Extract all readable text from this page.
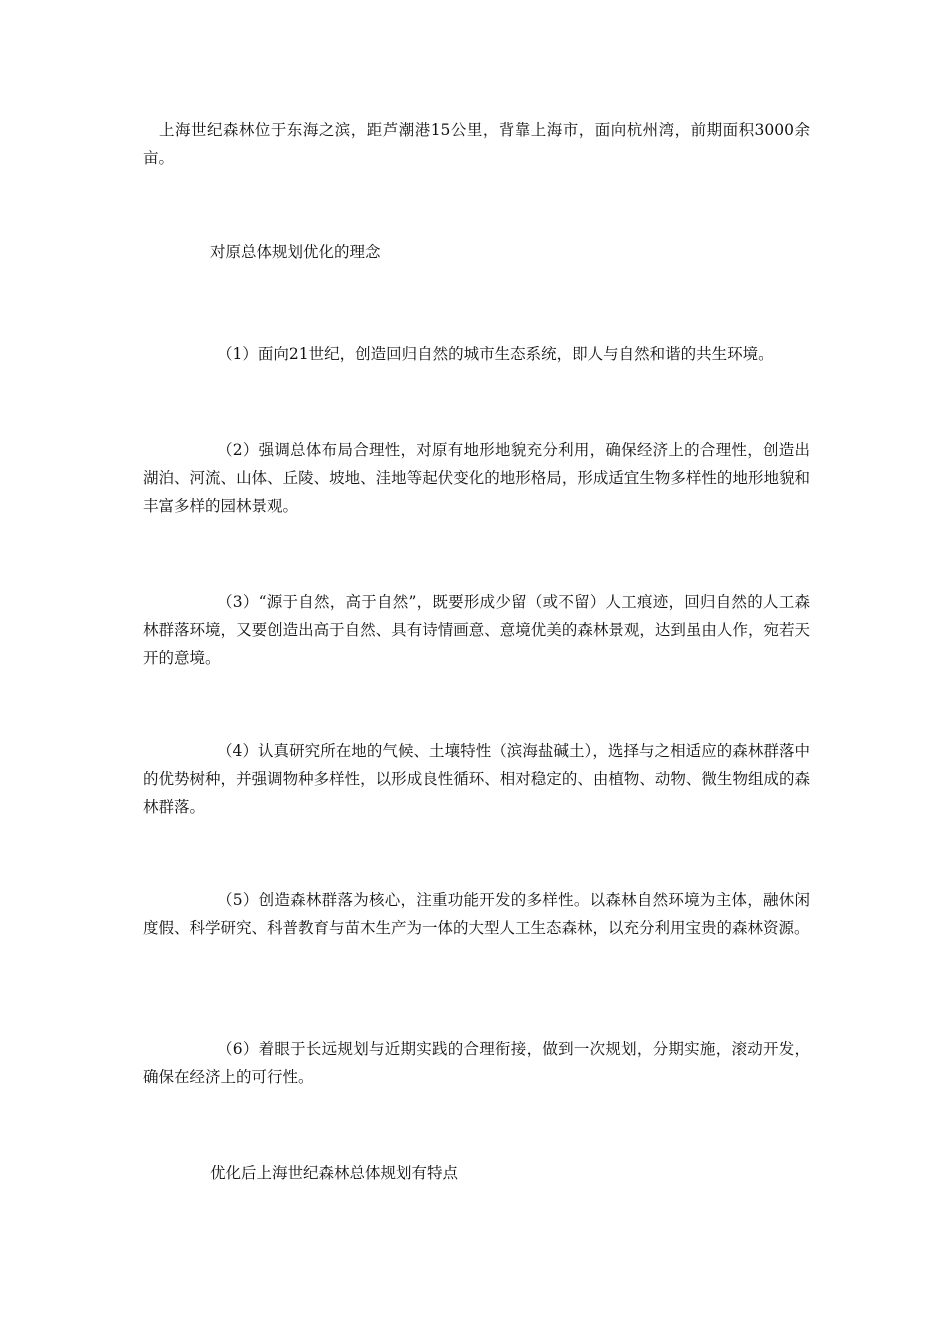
上海世纪森林位于东海之滨，距芦潮港15公里，背靠上海市，面向杭州湾，前期面积3000余亩。

对原总体规划优化的理念

（1）面向21世纪，创造回归自然的城市生态系统，即人与自然和谐的共生环境。

（2）强调总体布局合理性，对原有地形地貌充分利用，确保经济上的合理性，创造出湖泊、河流、山体、丘陵、坡地、洼地等起伏变化的地形格局，形成适宜生物多样性的地形地貌和丰富多样的园林景观。

（3）“源于自然，高于自然”，既要形成少留（或不留）人工痕迹，回归自然的人工森林群落环境，又要创造出高于自然、具有诗情画意、意境优美的森林景观，达到虽由人作，宛若天开的意境。

（4）认真研究所在地的气候、土壤特性（滨海盐碱土），选择与之相适应的森林群落中的优势树种，并强调物种多样性，以形成良性循环、相对稳定的、由植物、动物、微生物组成的森林群落。

（5）创造森林群落为核心，注重功能开发的多样性。以森林自然环境为主体，融休闲度假、科学研究、科普教育与苗木生产为一体的大型人工生态森林，以充分利用宝贵的森林资源。

（6）着眼于长远规划与近期实践的合理衔接，做到一次规划，分期实施，滚动开发，确保在经济上的可行性。

优化后上海世纪森林总体规划有特点
